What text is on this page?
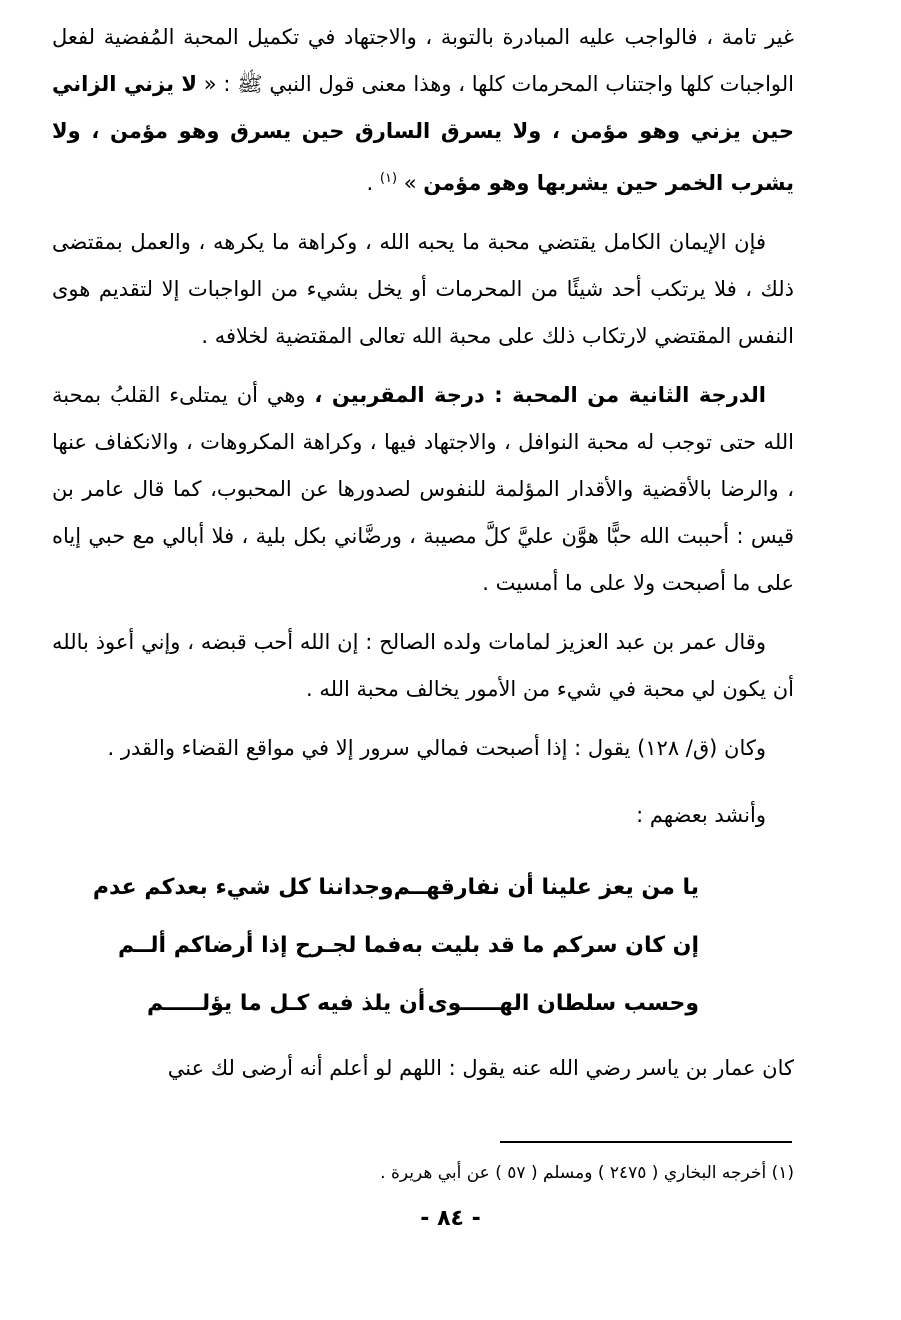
غير تامة ، فالواجب عليه المبادرة بالتوبة ، والاجتهاد في تكميل المحبة المُفضية لفعل الواجبات كلها واجتناب المحرمات كلها ، وهذا معنى قول النبي ﷺ : « لا يزني الزاني حين يزني وهو مؤمن ، ولا يسرق السارق حين يسرق وهو مؤمن ، ولا يشرب الخمر حين يشربها وهو مؤمن » $^{(١)}$ .

فإن الإيمان الكامل يقتضي محبة ما يحبه الله ، وكراهة ما يكرهه ، والعمل بمقتضى ذلك ، فلا يرتكب أحد شيئًا من المحرمات أو يخل بشيء من الواجبات إلا لتقديم هوى النفس المقتضي لارتكاب ذلك على محبة الله تعالى المقتضية لخلافه .

الدرجة الثانية من المحبة : درجة المقربين ، وهي أن يمتلىء القلبُ بمحبة الله حتى توجب له محبة النوافل ، والاجتهاد فيها ، وكراهة المكروهات ، والانكفاف عنها ، والرضا بالأقضية والأقدار المؤلمة للنفوس لصدورها عن المحبوب، كما قال عامر بن قيس : أحببت الله حبًّا هوَّن عليَّ كلَّ مصيبة ، ورضَّاني بكل بلية ، فلا أبالي مع حبي إياه على ما أصبحت ولا على ما أمسيت .

وقال عمر بن عبد العزيز لمامات ولده الصالح : إن الله أحب قبضه ، وإني أعوذ بالله أن يكون لي محبة في شيء من الأمور يخالف محبة الله .

وكان (ق/ ١٢٨) يقول : إذا أصبحت فمالي سرور إلا في مواقع القضاء والقدر .

وأنشد بعضهم :

يا من يعز علينا أن نفارقهــم
وجداننا كل شيء بعدكم عدم
إن كان سركم ما قد بليت به
فما لجـرح إذا أرضاكم ألــم
وحسب سلطان الهـــــوى
أن يلذ فيه كـل ما يؤلـــــم
كان عمار بن ياسر رضي الله عنه يقول : اللهم لو أعلم أنه أرضى لك عني
(١) أخرجه البخاري ( ٢٤٧٥ ) ومسلم ( ٥٧ ) عن أبي هريرة .
- ٨٤ -
